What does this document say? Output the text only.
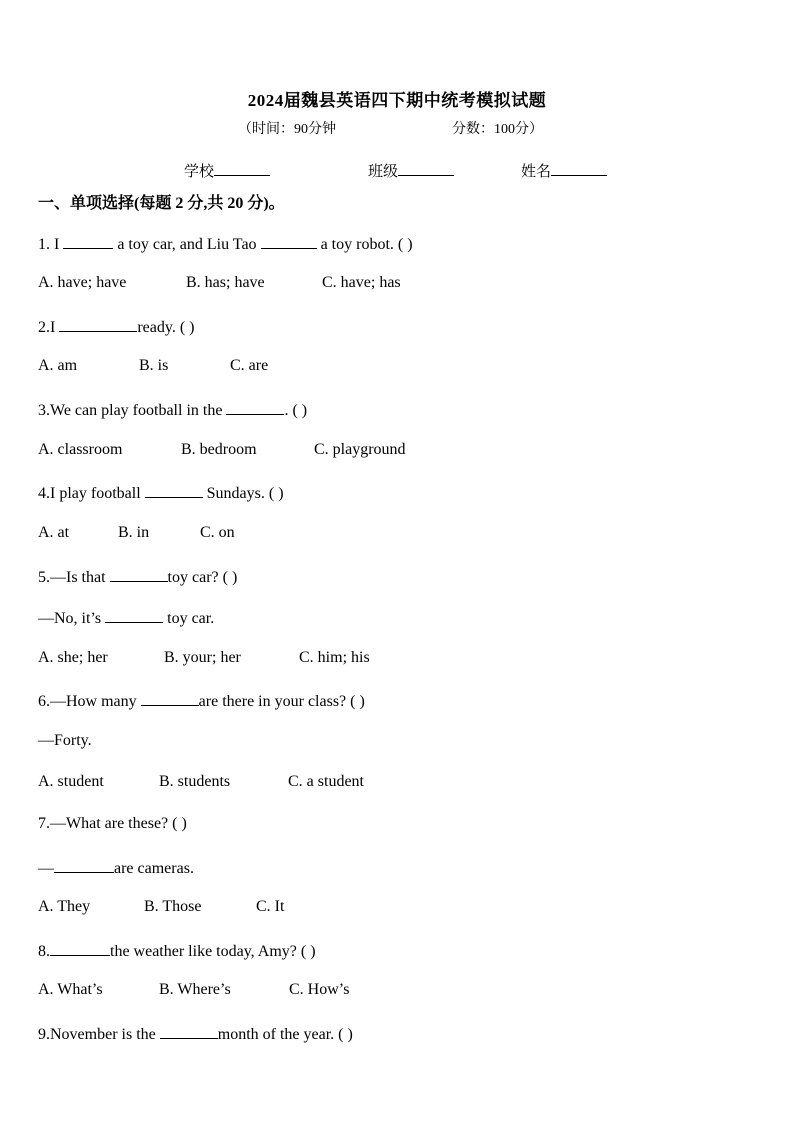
2024届魏县英语四下期中统考模拟试题
（时间：90分钟	分数：100分）
学校	班级	姓名
一、单项选择(每题 2 分,共 20 分)。
1. I	a toy car, and Liu Tao	a toy robot. ( )
A. have; have	B. has; have	C. have; has
2.I	ready. ( )
A. am	B. is	C. are
3.We can play football in the	. ( )
A. classroom	B. bedroom	C. playground
4.I play football	Sundays. ( )
A. at	B. in	C. on
5.—Is that	toy car? ( )
—No, it’s	toy car.
A. she; her	B. your; her	C. him; his
6.—How many	are there in your class? ( )
—Forty.
A. student	B. students	C. a student
7.—What are these? ( )
—	are cameras.
A. They	B. Those	C. It
8.	the weather like today, Amy? ( )
A. What’s	B. Where’s	C. How’s
9.November is the	month of the year. ( )
